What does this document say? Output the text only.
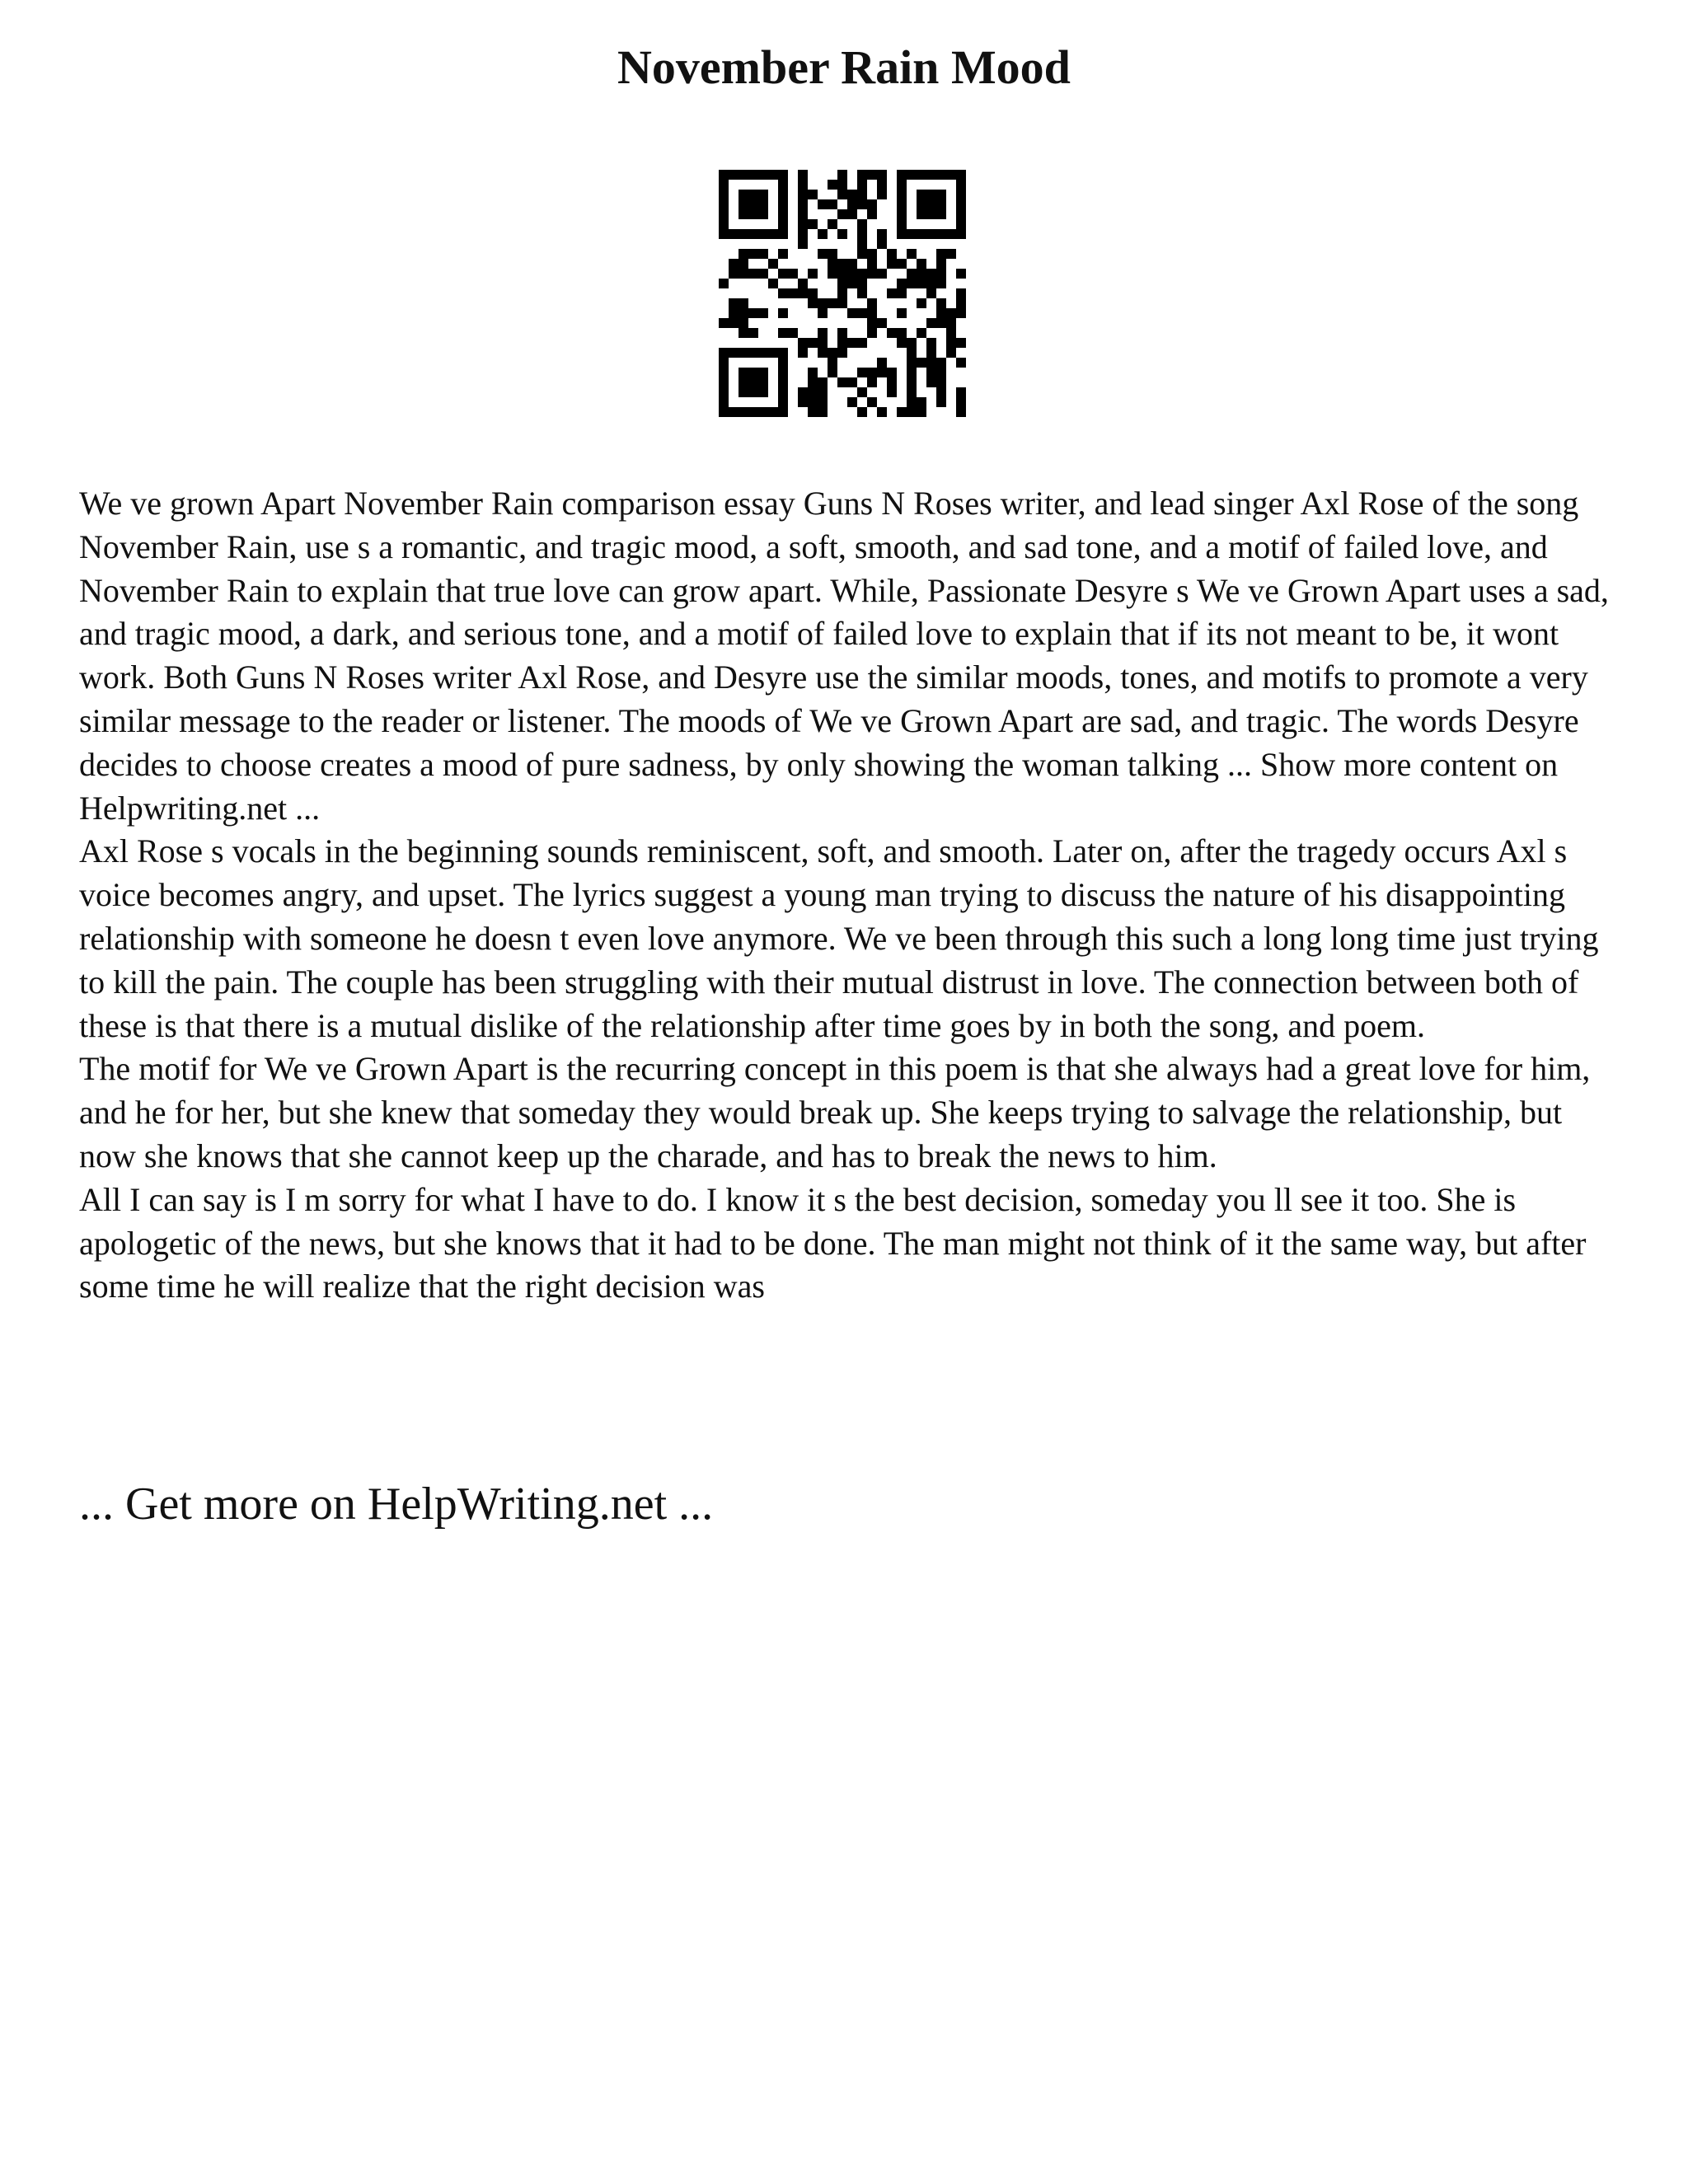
November Rain Mood

We ve grown Apart November Rain comparison essay Guns N Roses writer, and lead singer Axl Rose of the song November Rain, use s a romantic, and tragic mood, a soft, smooth, and sad tone, and a motif of failed love, and November Rain to explain that true love can grow apart. While, Passionate Desyre s We ve Grown Apart uses a sad, and tragic mood, a dark, and serious tone, and a motif of failed love to explain that if its not meant to be, it wont work. Both Guns N Roses writer Axl Rose, and Desyre use the similar moods, tones, and motifs to promote a very similar message to the reader or listener. The moods of We ve Grown Apart are sad, and tragic. The words Desyre decides to choose creates a mood of pure sadness, by only showing the woman talking ... Show more content on Helpwriting.net ...

Axl Rose s vocals in the beginning sounds reminiscent, soft, and smooth. Later on, after the tragedy occurs Axl s voice becomes angry, and upset. The lyrics suggest a young man trying to discuss the nature of his disappointing relationship with someone he doesn t even love anymore. We ve been through this such a long long time just trying to kill the pain. The couple has been struggling with their mutual distrust in love. The connection between both of these is that there is a mutual dislike of the relationship after time goes by in both the song, and poem.

The motif for We ve Grown Apart is the recurring concept in this poem is that she always had a great love for him, and he for her, but she knew that someday they would break up. She keeps trying to salvage the relationship, but now she knows that she cannot keep up the charade, and has to break the news to him.

All I can say is I m sorry for what I have to do. I know it s the best decision, someday you ll see it too. She is apologetic of the news, but she knows that it had to be done. The man might not think of it the same way, but after some time he will realize that the right decision was

... Get more on HelpWriting.net ...
